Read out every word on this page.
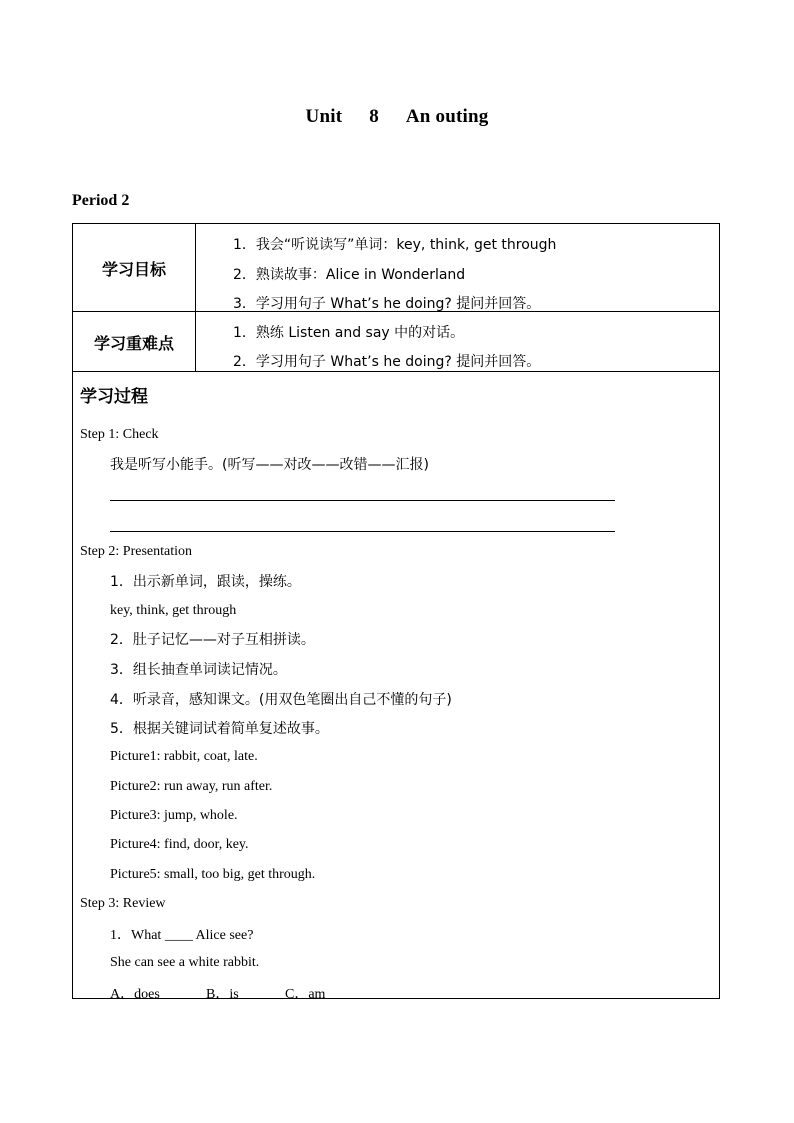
Unit 8 An outing
Period 2
学习目标
1．我会“听说读写”单词：key, think, get through
2．熟读故事：Alice in Wonderland
3．学习用句子 What’s he doing? 提问并回答。
学习重难点
1．熟练 Listen and say 中的对话。
2．学习用句子 What’s he doing? 提问并回答。
学习过程
Step 1: Check
我是听写小能手。(听写——对改——改错——汇报)
Step 2: Presentation
1．出示新单词，跟读，操练。
key, think, get through
2．肚子记忆——对子互相拼读。
3．组长抽查单词读记情况。
4．听录音，感知课文。(用双色笔圈出自己不懂的句子)
5．根据关键词试着简单复述故事。
Picture1: rabbit, coat, late.
Picture2: run away, run after.
Picture3: jump, whole.
Picture4: find, door, key.
Picture5: small, too big, get through.
Step 3: Review
1．What ____ Alice see?
She can see a white rabbit.
A．does	B．is	C．am
